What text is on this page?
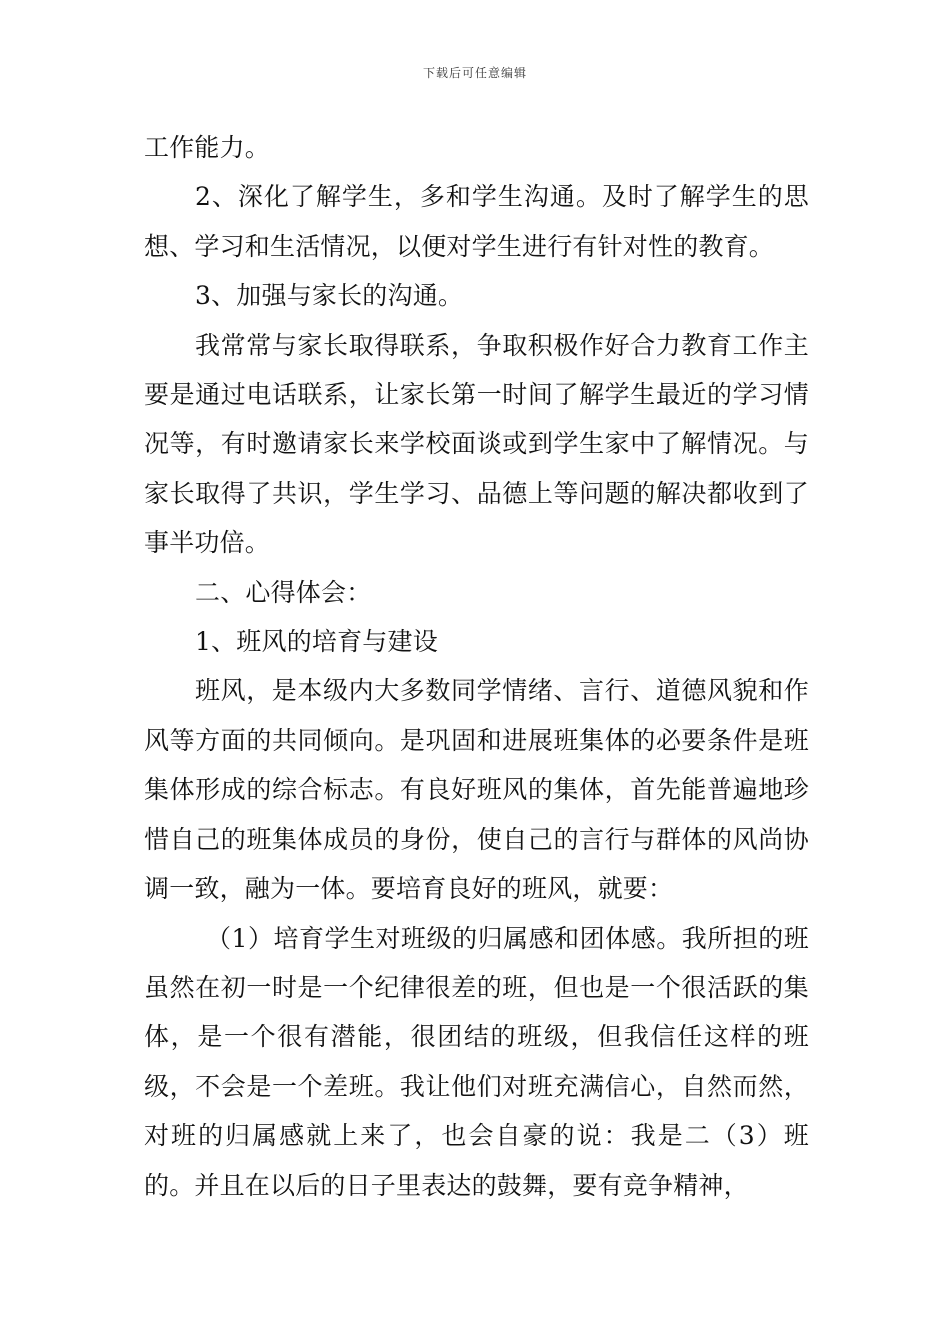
下载后可任意编辑

工作能力。

2、深化了解学生，多和学生沟通。及时了解学生的思想、学习和生活情况，以便对学生进行有针对性的教育。

3、加强与家长的沟通。

我常常与家长取得联系，争取积极作好合力教育工作主要是通过电话联系，让家长第一时间了解学生最近的学习情况等，有时邀请家长来学校面谈或到学生家中了解情况。与家长取得了共识，学生学习、品德上等问题的解决都收到了事半功倍。

二、心得体会：

1、班风的培育与建设

班风，是本级内大多数同学情绪、言行、道德风貌和作风等方面的共同倾向。是巩固和进展班集体的必要条件是班集体形成的综合标志。有良好班风的集体，首先能普遍地珍惜自己的班集体成员的身份，使自己的言行与群体的风尚协调一致，融为一体。要培育良好的班风，就要：

（1）培育学生对班级的归属感和团体感。我所担的班虽然在初一时是一个纪律很差的班，但也是一个很活跃的集体，是一个很有潜能，很团结的班级，但我信任这样的班级，不会是一个差班。我让他们对班充满信心，自然而然，对班的归属感就上来了，也会自豪的说：我是二（3）班的。并且在以后的日子里表达的鼓舞，要有竞争精神，
